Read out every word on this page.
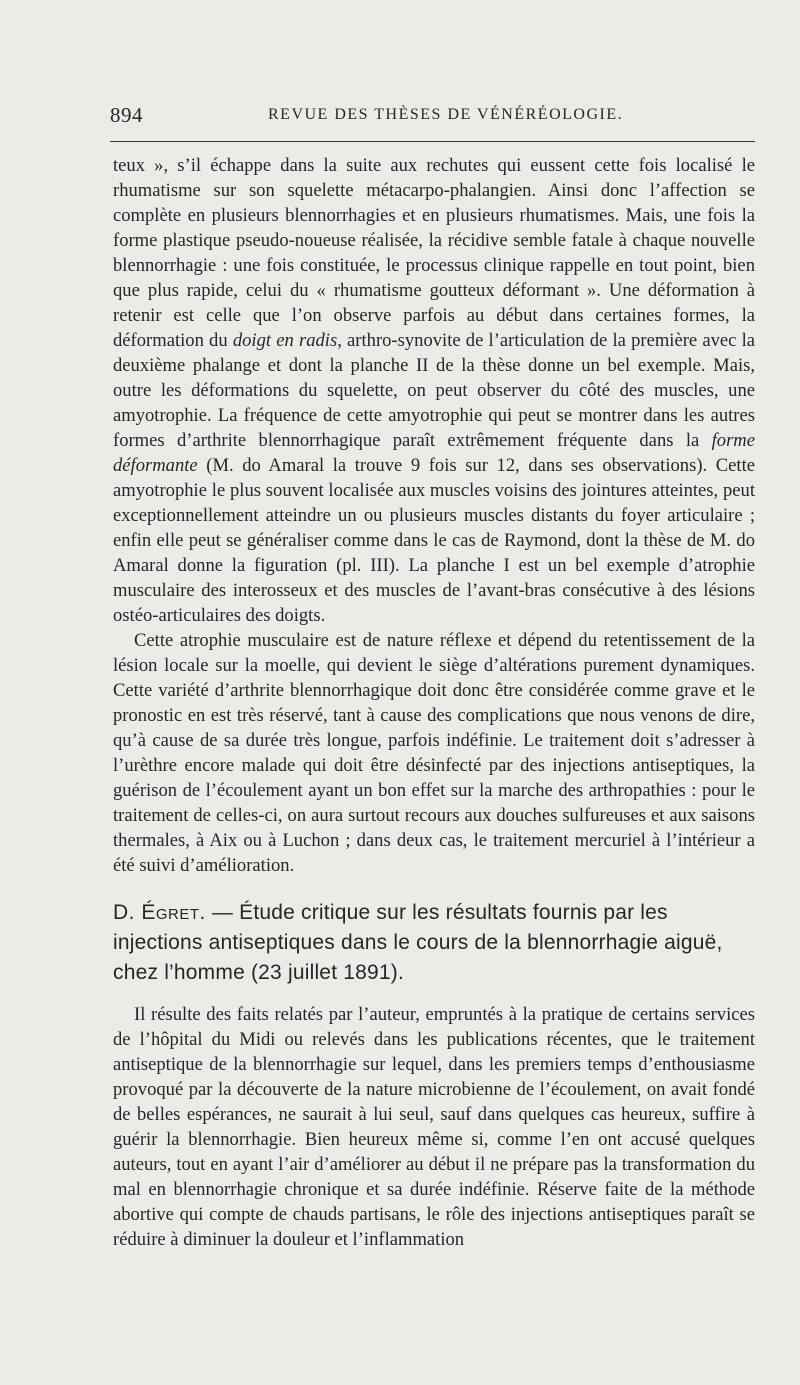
894	REVUE DES THÈSES DE VÉNÉRÉOLOGIE.

teux », s’il échappe dans la suite aux rechutes qui eussent cette fois localisé le rhumatisme sur son squelette métacarpo-phalangien. Ainsi donc l’affection se complète en plusieurs blennorrhagies et en plusieurs rhumatismes. Mais, une fois la forme plastique pseudo-noueuse réalisée, la récidive semble fatale à chaque nouvelle blennorrhagie : une fois constituée, le processus clinique rappelle en tout point, bien que plus rapide, celui du « rhumatisme goutteux déformant ». Une déformation à retenir est celle que l’on observe parfois au début dans certaines formes, la déformation du doigt en radis, arthro-synovite de l’articulation de la première avec la deuxième phalange et dont la planche II de la thèse donne un bel exemple. Mais, outre les déformations du squelette, on peut observer du côté des muscles, une amyotrophie. La fréquence de cette amyotrophie qui peut se montrer dans les autres formes d’arthrite blennorrhagique paraît extrêmement fréquente dans la forme déformante (M. do Amaral la trouve 9 fois sur 12, dans ses observations). Cette amyotrophie le plus souvent localisée aux muscles voisins des jointures atteintes, peut exceptionnellement atteindre un ou plusieurs muscles distants du foyer articulaire ; enfin elle peut se généraliser comme dans le cas de Raymond, dont la thèse de M. do Amaral donne la figuration (pl. III). La planche I est un bel exemple d’atrophie musculaire des interosseux et des muscles de l’avant-bras consécutive à des lésions ostéo-articulaires des doigts.

Cette atrophie musculaire est de nature réflexe et dépend du retentissement de la lésion locale sur la moelle, qui devient le siège d’altérations purement dynamiques. Cette variété d’arthrite blennorrhagique doit donc être considérée comme grave et le pronostic en est très réservé, tant à cause des complications que nous venons de dire, qu’à cause de sa durée très longue, parfois indéfinie. Le traitement doit s’adresser à l’urèthre encore malade qui doit être désinfecté par des injections antiseptiques, la guérison de l’écoulement ayant un bon effet sur la marche des arthropathies : pour le traitement de celles-ci, on aura surtout recours aux douches sulfureuses et aux saisons thermales, à Aix ou à Luchon ; dans deux cas, le traitement mercuriel à l’intérieur a été suivi d’amélioration.

D. Égret. — Étude critique sur les résultats fournis par les injections antiseptiques dans le cours de la blennorrhagie aiguë, chez l’homme (23 juillet 1891).

Il résulte des faits relatés par l’auteur, empruntés à la pratique de certains services de l’hôpital du Midi ou relevés dans les publications récentes, que le traitement antiseptique de la blennorrhagie sur lequel, dans les premiers temps d’enthousiasme provoqué par la découverte de la nature microbienne de l’écoulement, on avait fondé de belles espérances, ne saurait à lui seul, sauf dans quelques cas heureux, suffire à guérir la blennorrhagie. Bien heureux même si, comme l’en ont accusé quelques auteurs, tout en ayant l’air d’améliorer au début il ne prépare pas la transformation du mal en blennorrhagie chronique et sa durée indéfinie. Réserve faite de la méthode abortive qui compte de chauds partisans, le rôle des injections antiseptiques paraît se réduire à diminuer la douleur et l’inflammation
